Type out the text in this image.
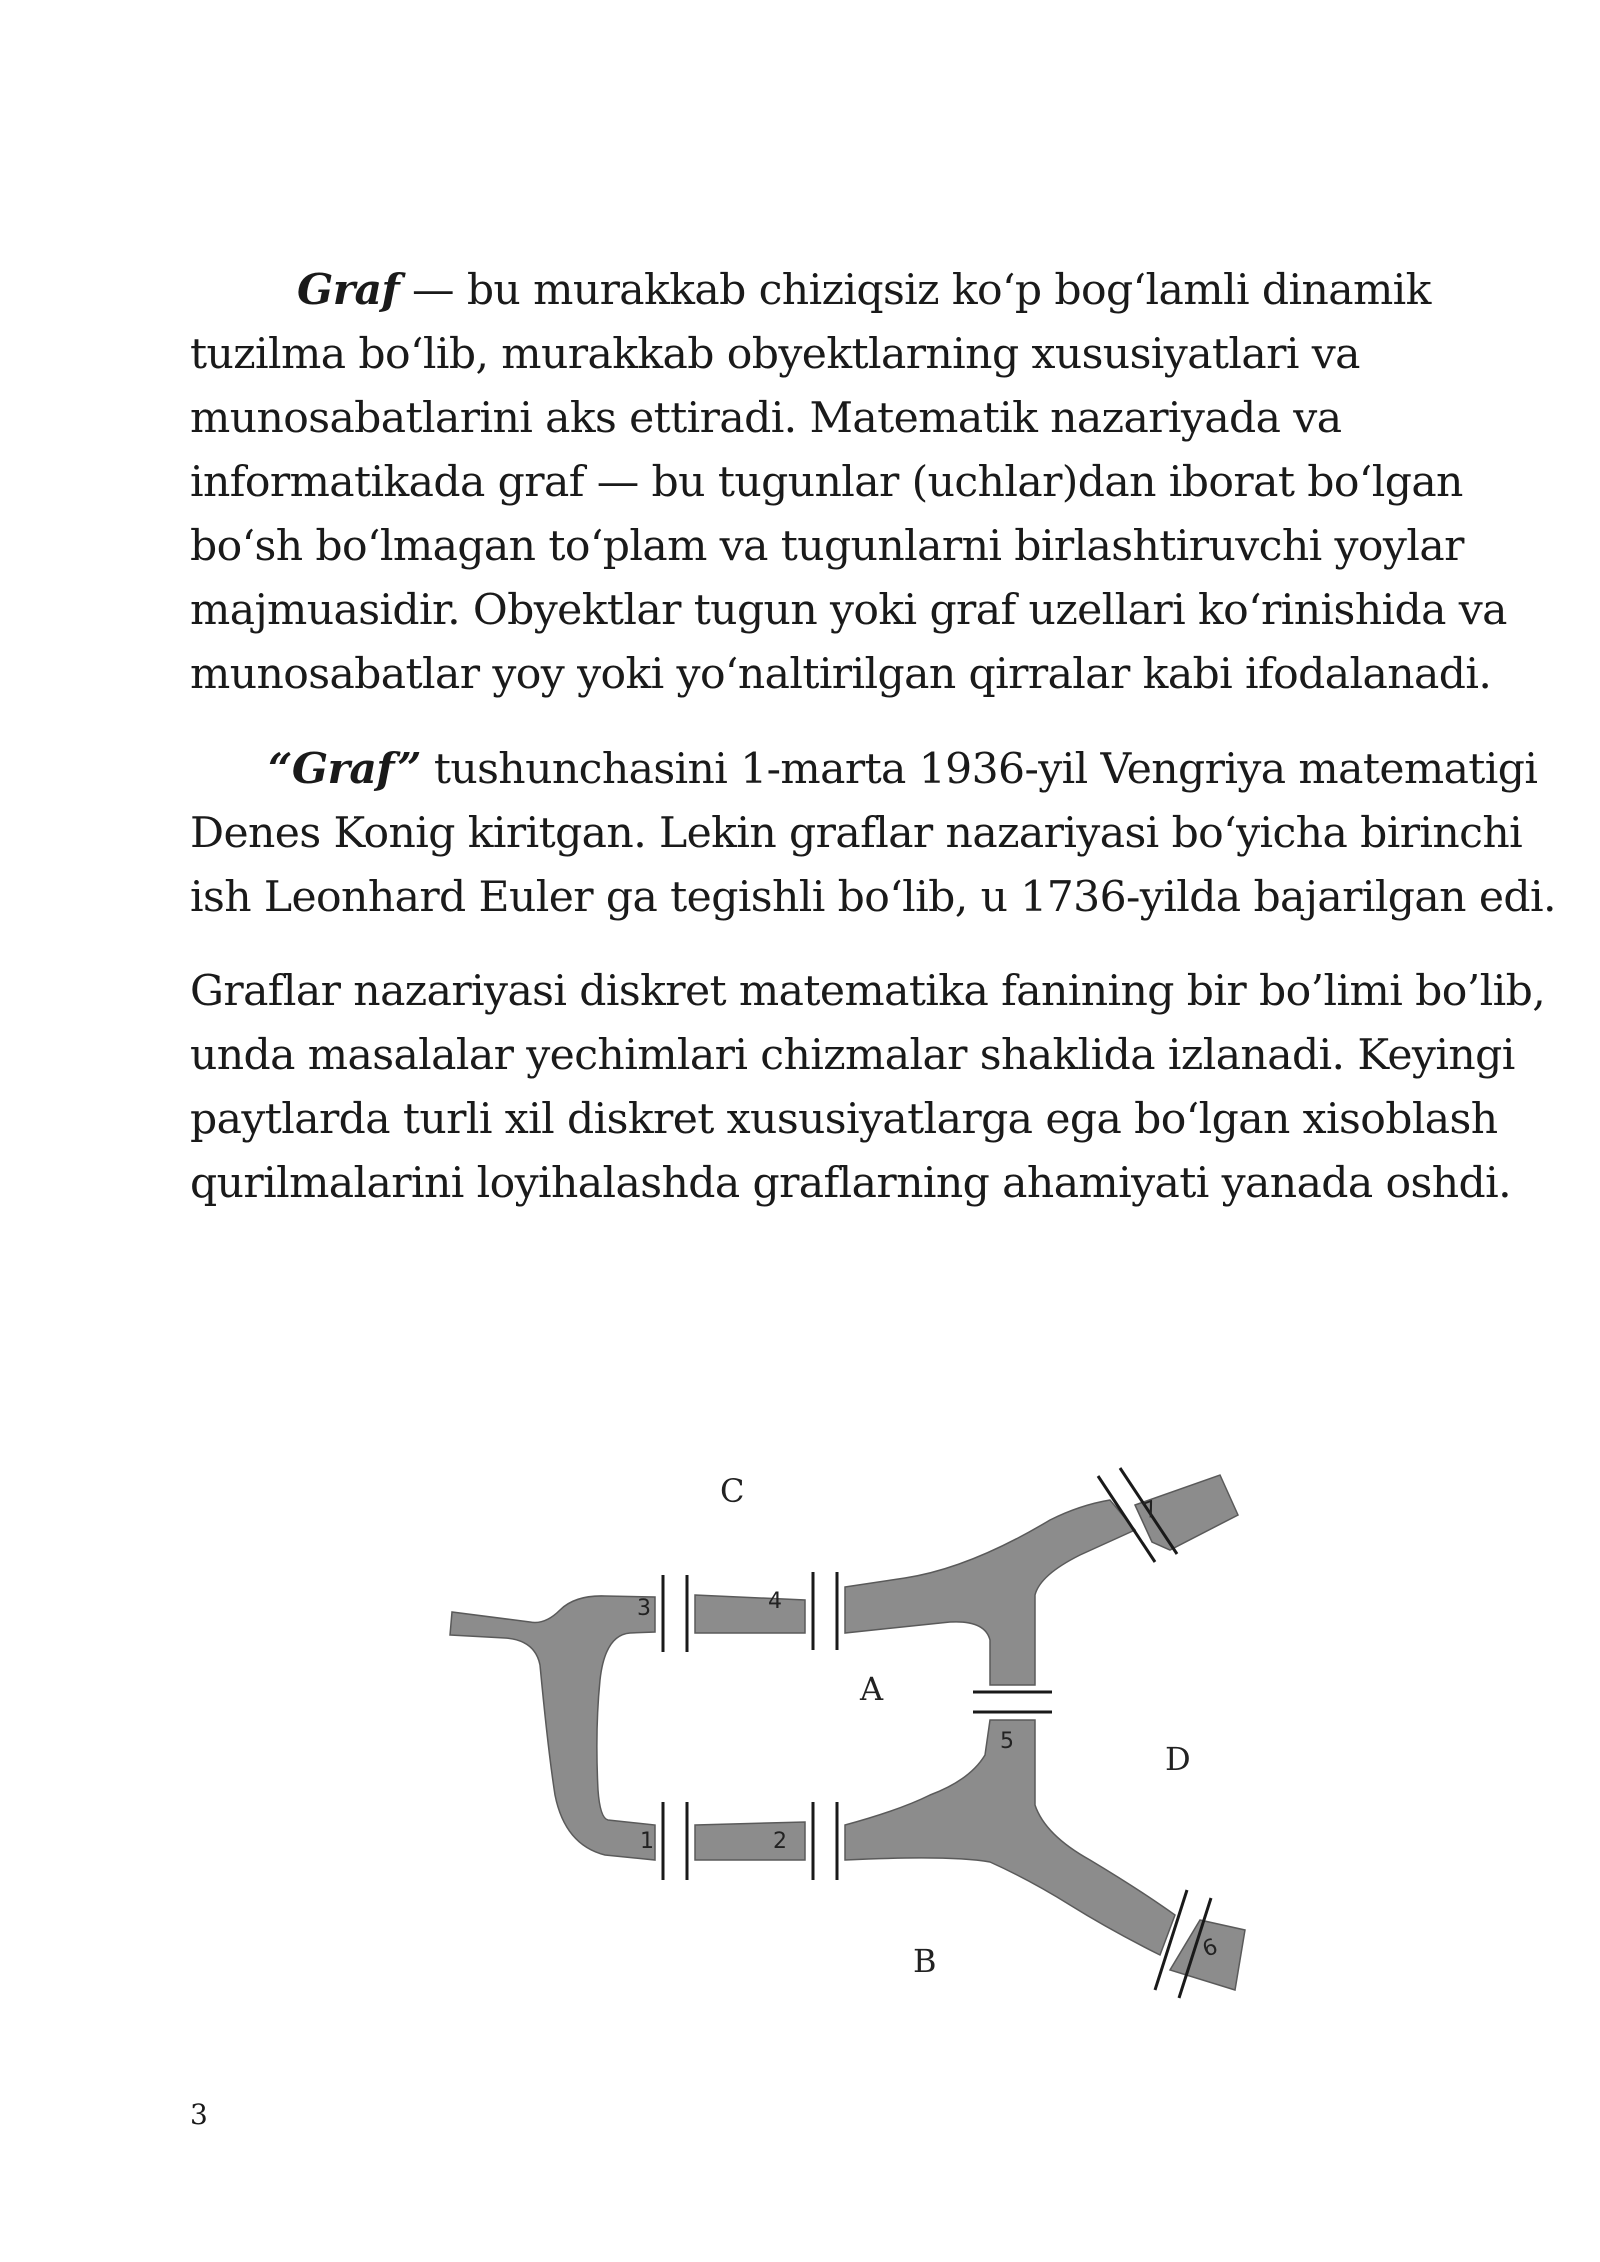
Graf — bu murakkab chiziqsiz ko‘p bog‘lamli dinamik
tuzilma bo‘lib, murakkab obyektlarning xususiyatlari va
munosabatlarini aks ettiradi. Matematik nazariyada va
informatikada graf — bu tugunlar (uchlar)dan iborat bo‘lgan
bo‘sh bo‘lmagan to‘plam va tugunlarni birlashtiruvchi yoylar
majmuasidir. Obyektlar tugun yoki graf uzellari ko‘rinishida va
munosabatlar yoy yoki yo‘naltirilgan qirralar kabi ifodalanadi.

“Graf” tushunchasini 1-marta 1936-yil Vengriya matematigi
Denes Konig kiritgan. Lekin graflar nazariyasi bo‘yicha birinchi
ish Leonhard Euler ga tegishli bo‘lib, u 1736-yilda bajarilgan edi.

Graflar nazariyasi diskret matematika fanining bir bo’limi bo’lib,
unda masalalar yechimlari chizmalar shaklida izlanadi. Keyingi
paytlarda turli xil diskret xususiyatlarga ega bo‘lgan xisoblash
qurilmalarini loyihalashda graflarning ahamiyati yanada oshdi.

C
A
D
B
3	4
5
1	2
7
6
3
